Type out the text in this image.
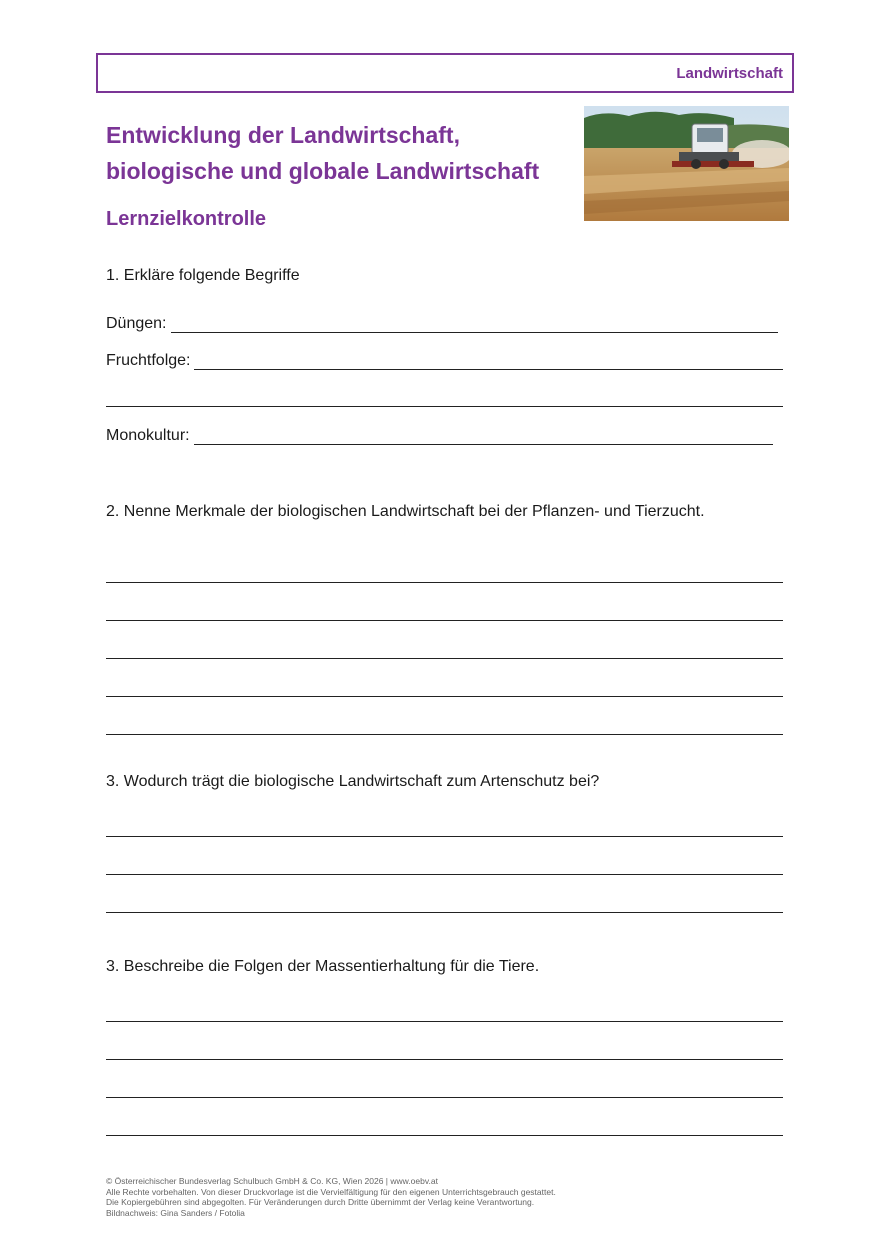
Landwirtschaft
Entwicklung der Landwirtschaft,
biologische und globale Landwirtschaft
Lernzielkontrolle
1. Erkläre folgende Begriffe
Düngen:
Fruchtfolge:
Monokultur:
2. Nenne Merkmale der biologischen Landwirtschaft bei der Pflanzen- und Tierzucht.
3. Wodurch trägt die biologische Landwirtschaft zum Artenschutz bei?
3. Beschreibe die Folgen der Massentierhaltung für die Tiere.
© Österreichischer Bundesverlag Schulbuch GmbH & Co. KG, Wien 2026 | www.oebv.at
Alle Rechte vorbehalten. Von dieser Druckvorlage ist die Vervielfältigung für den eigenen Unterrichtsgebrauch gestattet.
Die Kopiergebühren sind abgegolten. Für Veränderungen durch Dritte übernimmt der Verlag keine Verantwortung.
Bildnachweis: Gina Sanders / Fotolia
